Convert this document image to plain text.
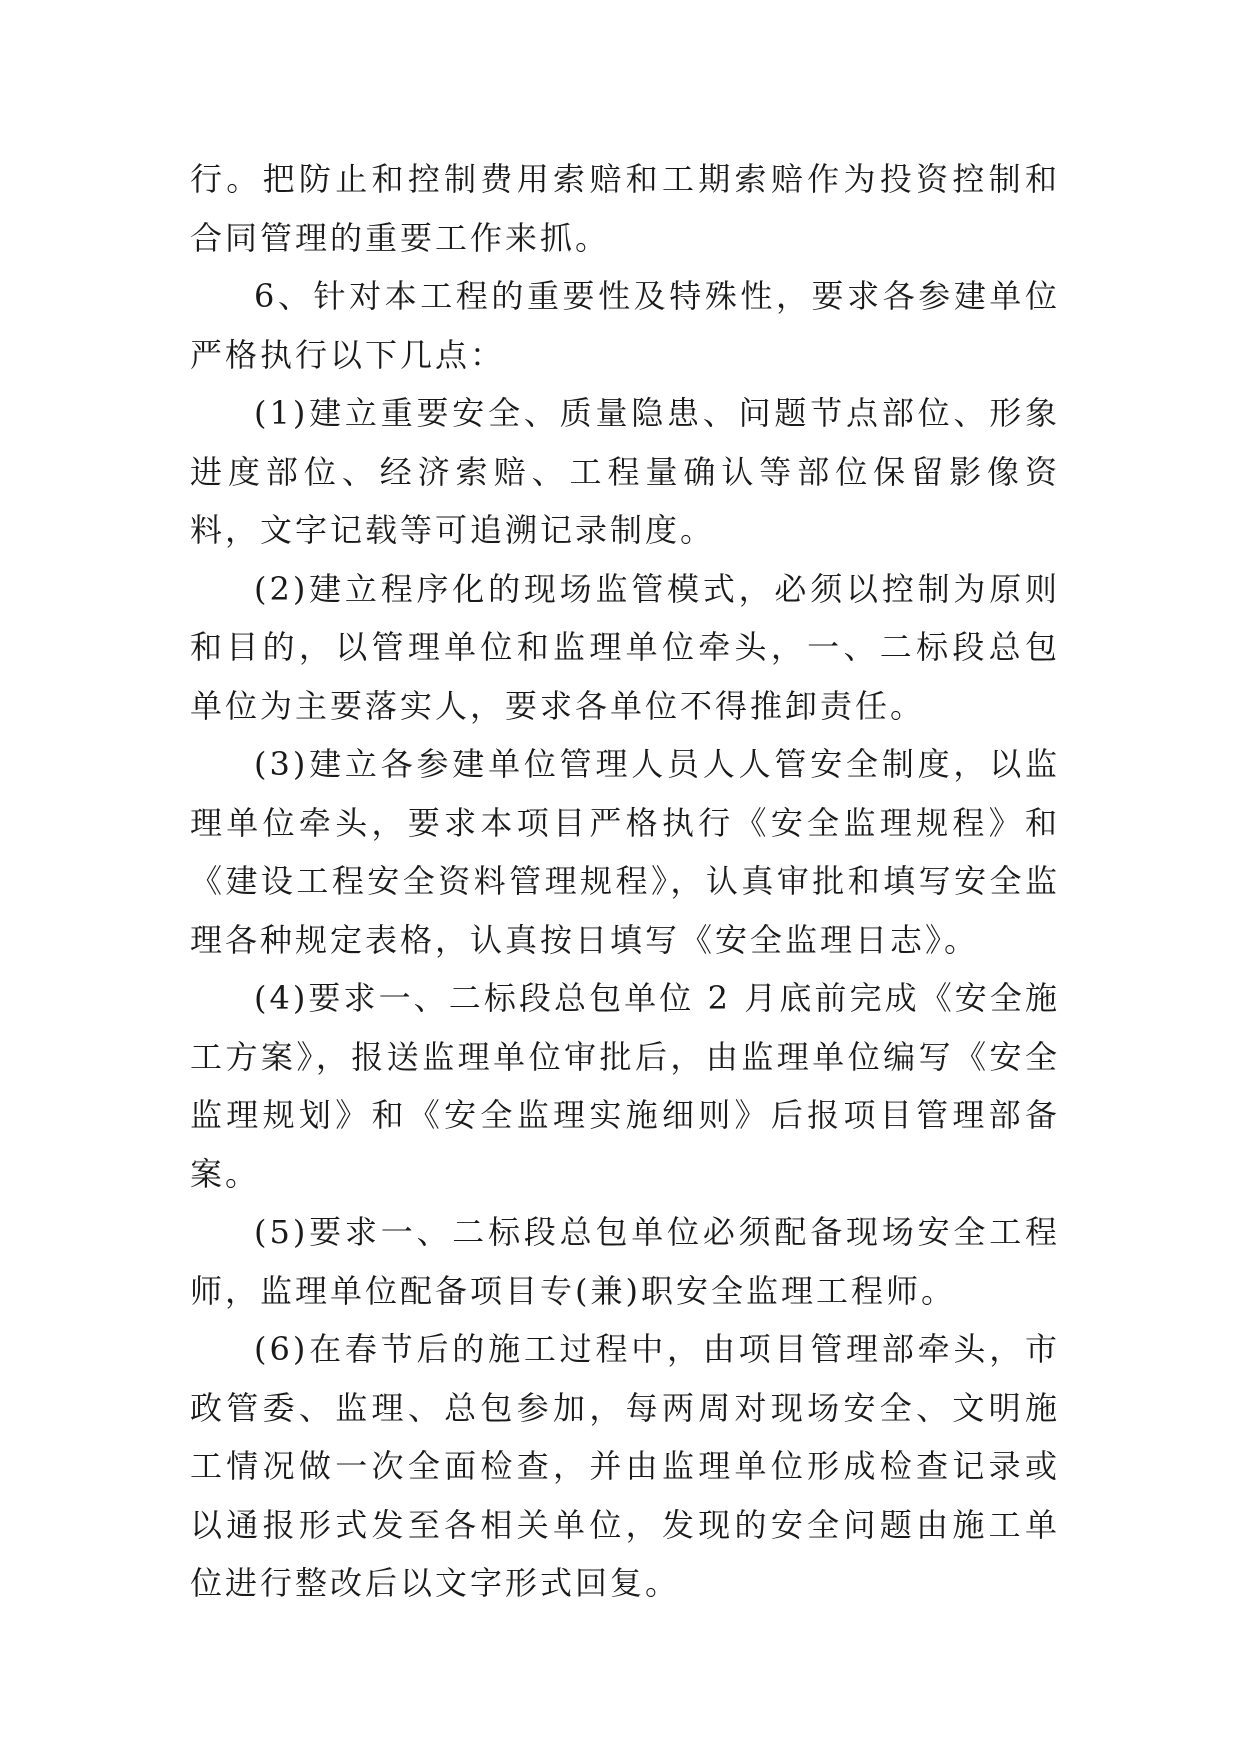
行。把防止和控制费用索赔和工期索赔作为投资控制和合同管理的重要工作来抓。

6、针对本工程的重要性及特殊性，要求各参建单位严格执行以下几点：

(1)建立重要安全、质量隐患、问题节点部位、形象进度部位、经济索赔、工程量确认等部位保留影像资料，文字记载等可追溯记录制度。

(2)建立程序化的现场监管模式，必须以控制为原则和目的，以管理单位和监理单位牵头，一、二标段总包单位为主要落实人，要求各单位不得推卸责任。

(3)建立各参建单位管理人员人人管安全制度，以监理单位牵头，要求本项目严格执行《安全监理规程》和《建设工程安全资料管理规程》，认真审批和填写安全监理各种规定表格，认真按日填写《安全监理日志》。

(4)要求一、二标段总包单位 2 月底前完成《安全施工方案》，报送监理单位审批后，由监理单位编写《安全监理规划》和《安全监理实施细则》后报项目管理部备案。

(5)要求一、二标段总包单位必须配备现场安全工程师，监理单位配备项目专(兼)职安全监理工程师。

(6)在春节后的施工过程中，由项目管理部牵头，市政管委、监理、总包参加，每两周对现场安全、文明施工情况做一次全面检查，并由监理单位形成检查记录或以通报形式发至各相关单位，发现的安全问题由施工单位进行整改后以文字形式回复。
